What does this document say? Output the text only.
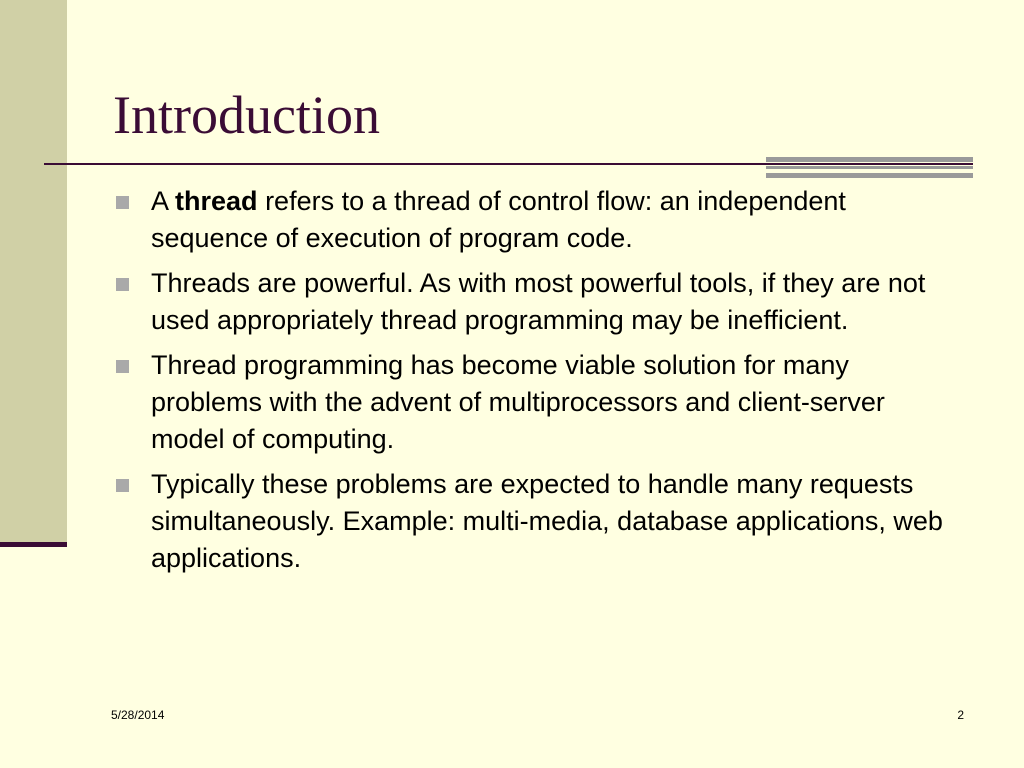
Introduction
A thread refers to a thread of control flow: an independent sequence of execution of program code.
Threads are powerful. As with most powerful tools, if they are not used appropriately thread programming may be inefficient.
Thread programming has become viable solution for many problems with the advent of multiprocessors and client-server model of computing.
Typically these problems are expected to handle many requests simultaneously. Example: multi-media, database applications, web applications.
5/28/2014	2
